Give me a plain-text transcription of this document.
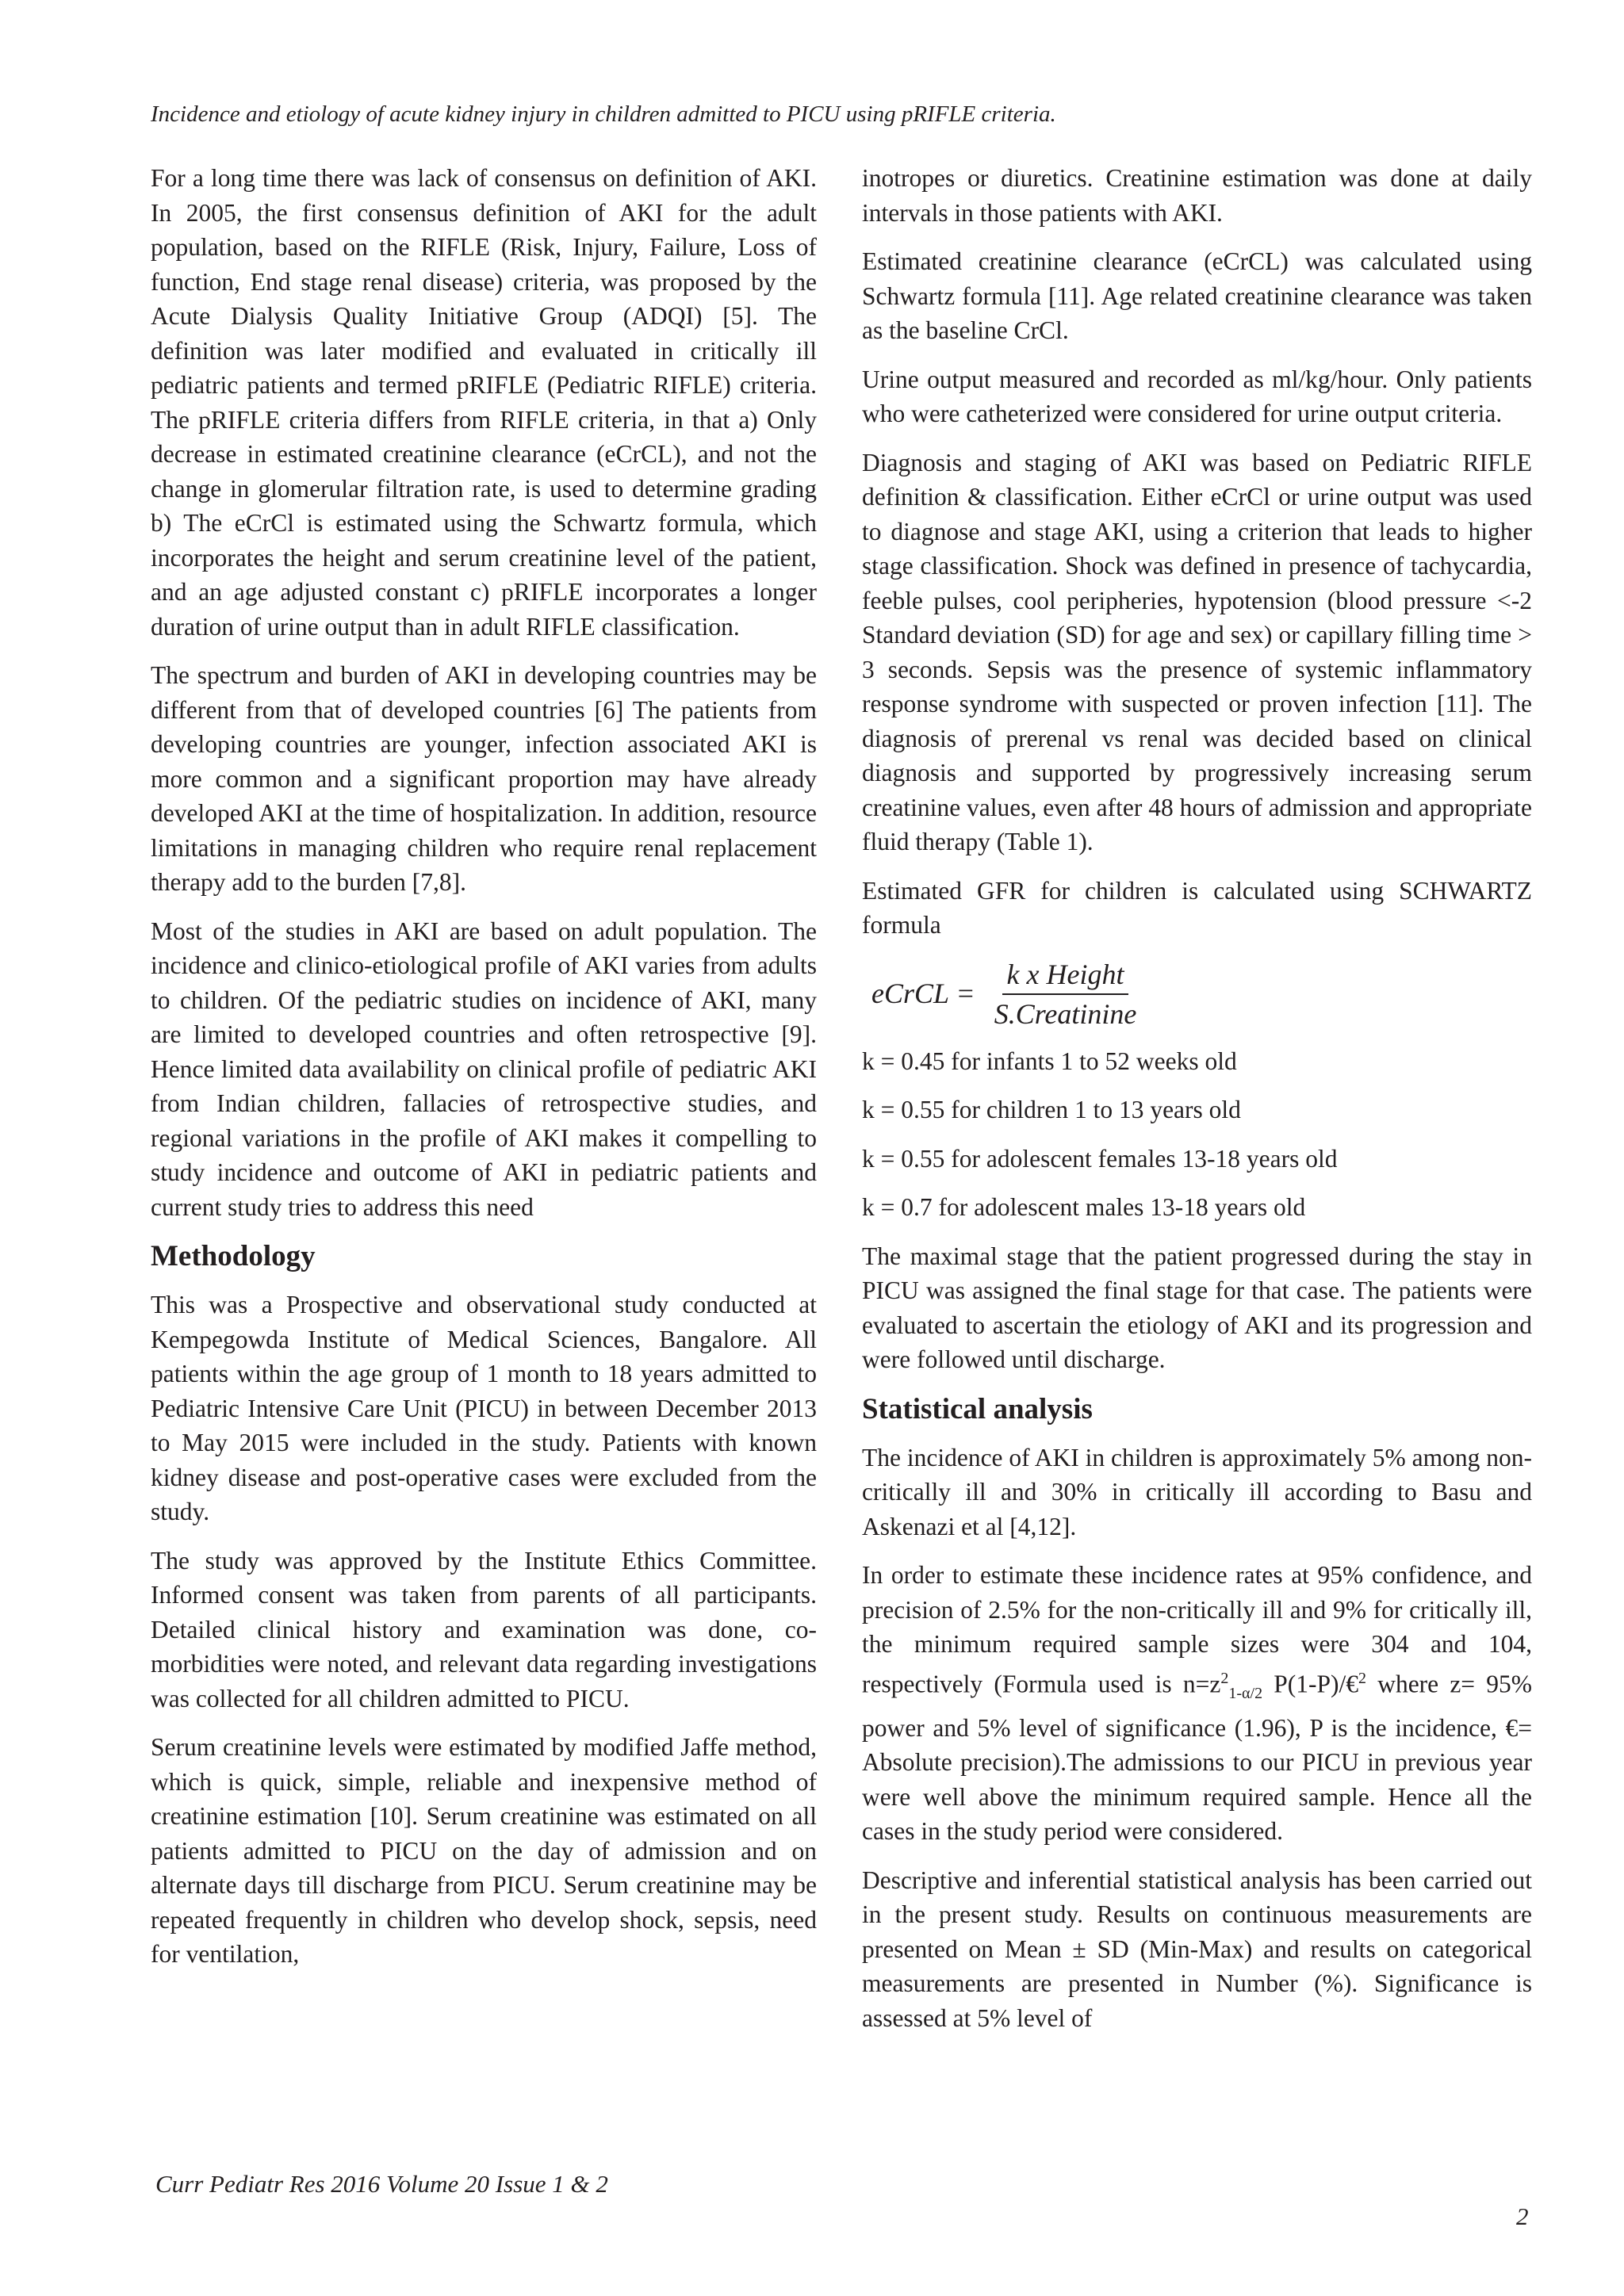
Incidence and etiology of acute kidney injury in children admitted to PICU using pRIFLE criteria.

For a long time there was lack of consensus on definition of AKI. In 2005, the first consensus definition of AKI for the adult population, based on the RIFLE (Risk, Injury, Failure, Loss of function, End stage renal disease) criteria, was proposed by the Acute Dialysis Quality Initiative Group (ADQI) [5]. The definition was later modified and evaluated in critically ill pediatric patients and termed pRIFLE (Pediatric RIFLE) criteria. The pRIFLE criteria differs from RIFLE criteria, in that a) Only decrease in estimated creatinine clearance (eCrCL), and not the change in glomerular filtration rate, is used to determine grading b) The eCrCl is estimated using the Schwartz formula, which incorporates the height and serum creatinine level of the patient, and an age adjusted constant c) pRIFLE incorporates a longer duration of urine output than in adult RIFLE classification.

The spectrum and burden of AKI in developing countries may be different from that of developed countries [6] The patients from developing countries are younger, infection associated AKI is more common and a significant proportion may have already developed AKI at the time of hospitalization. In addition, resource limitations in managing children who require renal replacement therapy add to the burden [7,8].

Most of the studies in AKI are based on adult population. The incidence and clinico-etiological profile of AKI varies from adults to children. Of the pediatric studies on incidence of AKI, many are limited to developed countries and often retrospective [9]. Hence limited data availability on clinical profile of pediatric AKI from Indian children, fallacies of retrospective studies, and regional variations in the profile of AKI makes it compelling to study incidence and outcome of AKI in pediatric patients and current study tries to address this need

Methodology

This was a Prospective and observational study conducted at Kempegowda Institute of Medical Sciences, Bangalore. All patients within the age group of 1 month to 18 years admitted to Pediatric Intensive Care Unit (PICU) in between December 2013 to May 2015 were included in the study. Patients with known kidney disease and post-operative cases were excluded from the study.

The study was approved by the Institute Ethics Committee. Informed consent was taken from parents of all participants. Detailed clinical history and examination was done, co-morbidities were noted, and relevant data regarding investigations was collected for all children admitted to PICU.

Serum creatinine levels were estimated by modified Jaffe method, which is quick, simple, reliable and inexpensive method of creatinine estimation [10]. Serum creatinine was estimated on all patients admitted to PICU on the day of admission and on alternate days till discharge from PICU. Serum creatinine may be repeated frequently in children who develop shock, sepsis, need for ventilation,

inotropes or diuretics. Creatinine estimation was done at daily intervals in those patients with AKI.

Estimated creatinine clearance (eCrCL) was calculated using Schwartz formula [11]. Age related creatinine clearance was taken as the baseline CrCl.

Urine output measured and recorded as ml/kg/hour. Only patients who were catheterized were considered for urine output criteria.

Diagnosis and staging of AKI was based on Pediatric RIFLE definition & classification. Either eCrCl or urine output was used to diagnose and stage AKI, using a criterion that leads to higher stage classification. Shock was defined in presence of tachycardia, feeble pulses, cool peripheries, hypotension (blood pressure <-2 Standard deviation (SD) for age and sex) or capillary filling time > 3 seconds. Sepsis was the presence of systemic inflammatory response syndrome with suspected or proven infection [11]. The diagnosis of prerenal vs renal was decided based on clinical diagnosis and supported by progressively increasing serum creatinine values, even after 48 hours of admission and appropriate fluid therapy (Table 1).

Estimated GFR for children is calculated using SCHWARTZ formula

eCrCL = $\frac{\text{k x Height}}{\text{S.Creatinine}}$

k = 0.45 for infants 1 to 52 weeks old

k = 0.55 for children 1 to 13 years old

k = 0.55 for adolescent females 13-18 years old

k = 0.7 for adolescent males 13-18 years old

The maximal stage that the patient progressed during the stay in PICU was assigned the final stage for that case. The patients were evaluated to ascertain the etiology of AKI and its progression and were followed until discharge.

Statistical analysis

The incidence of AKI in children is approximately 5% among non-critically ill and 30% in critically ill according to Basu and Askenazi et al [4,12].

In order to estimate these incidence rates at 95% confidence, and precision of 2.5% for the non-critically ill and 9% for critically ill, the minimum required sample sizes were 304 and 104, respectively (Formula used is $n=z^2_{1-\alpha/2}$ P(1-P)/€$^2$ where z= 95% power and 5% level of significance (1.96), P is the incidence, €= Absolute precision).The admissions to our PICU in previous year were well above the minimum required sample. Hence all the cases in the study period were considered.

Descriptive and inferential statistical analysis has been carried out in the present study. Results on continuous measurements are presented on Mean ± SD (Min-Max) and results on categorical measurements are presented in Number (%). Significance is assessed at 5% level of

Curr Pediatr Res 2016 Volume 20 Issue 1 & 2
2
